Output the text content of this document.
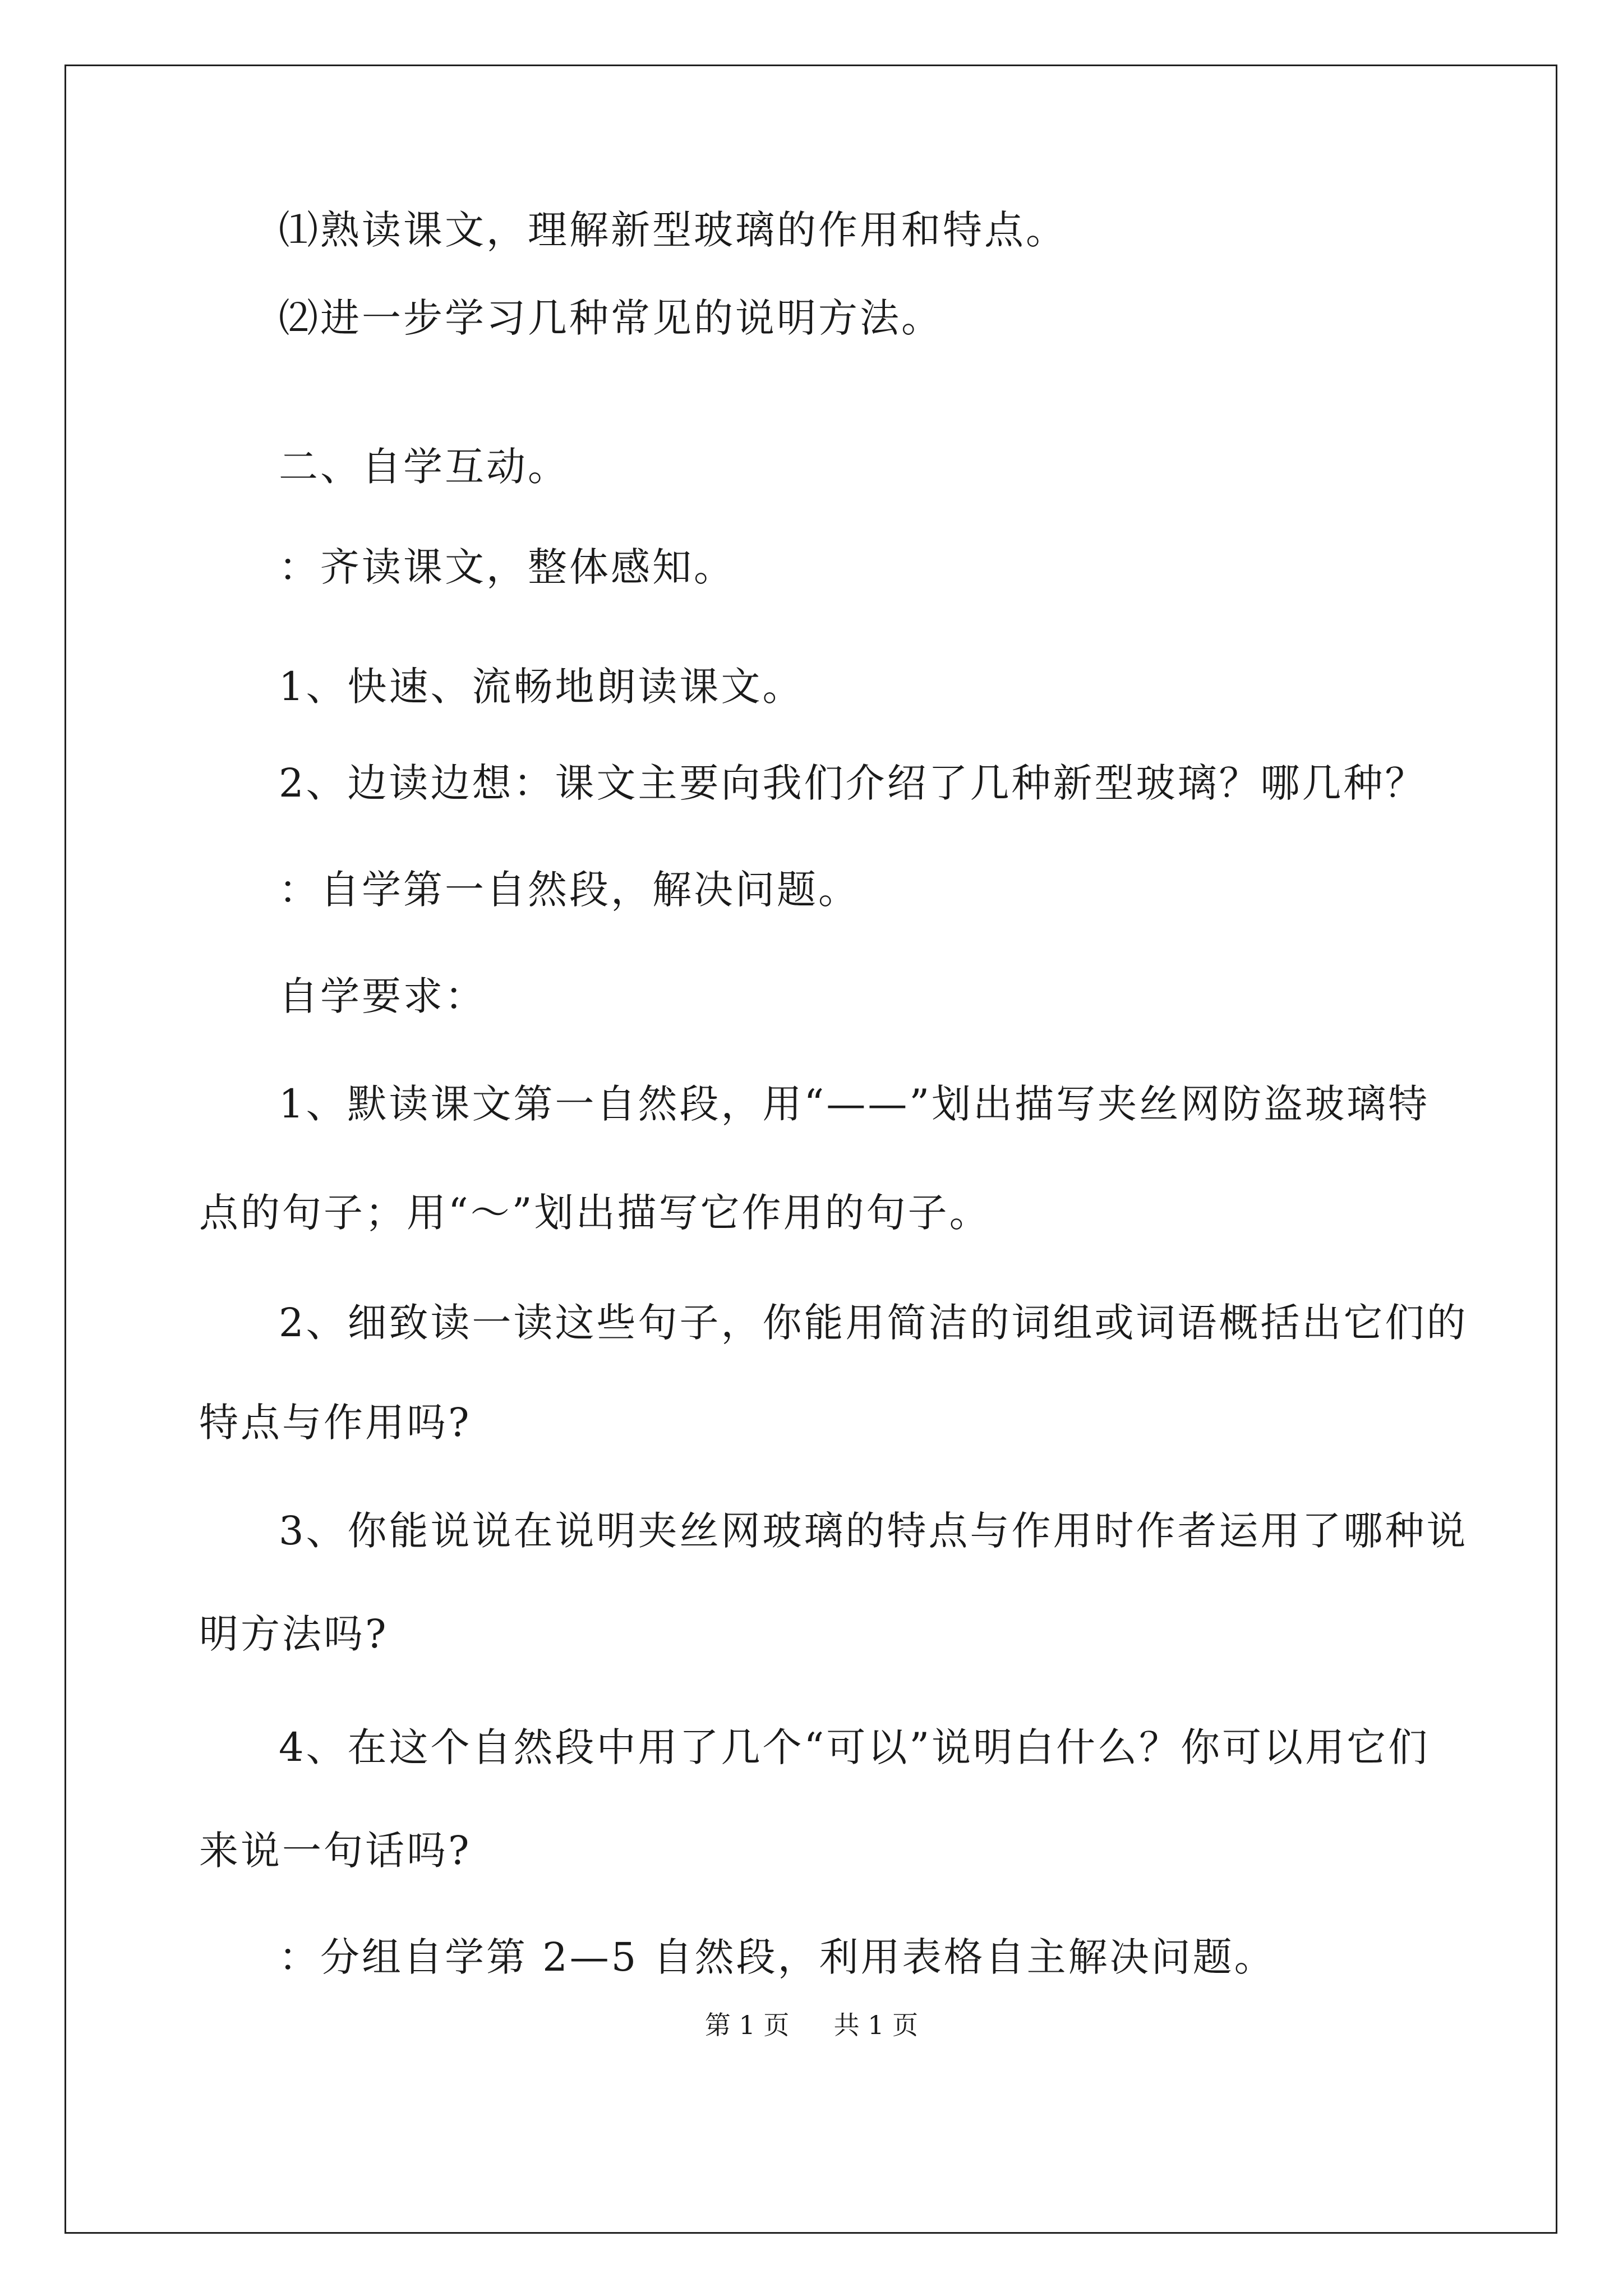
⑴熟读课文，理解新型玻璃的作用和特点。
⑵进一步学习几种常见的说明方法。
二、自学互动。
：齐读课文，整体感知。
1、快速、流畅地朗读课文。
2、边读边想：课文主要向我们介绍了几种新型玻璃？哪几种？
：自学第一自然段，解决问题。
自学要求：
1、默读课文第一自然段，用“——”划出描写夹丝网防盗玻璃特
点的句子；用“～”划出描写它作用的句子。
2、细致读一读这些句子，你能用简洁的词组或词语概括出它们的
特点与作用吗?
3、你能说说在说明夹丝网玻璃的特点与作用时作者运用了哪种说
明方法吗?
4、在这个自然段中用了几个“可以”说明白什么？你可以用它们
来说一句话吗?
：分组自学第 2—5 自然段，利用表格自主解决问题。
第 1 页 共 1 页
